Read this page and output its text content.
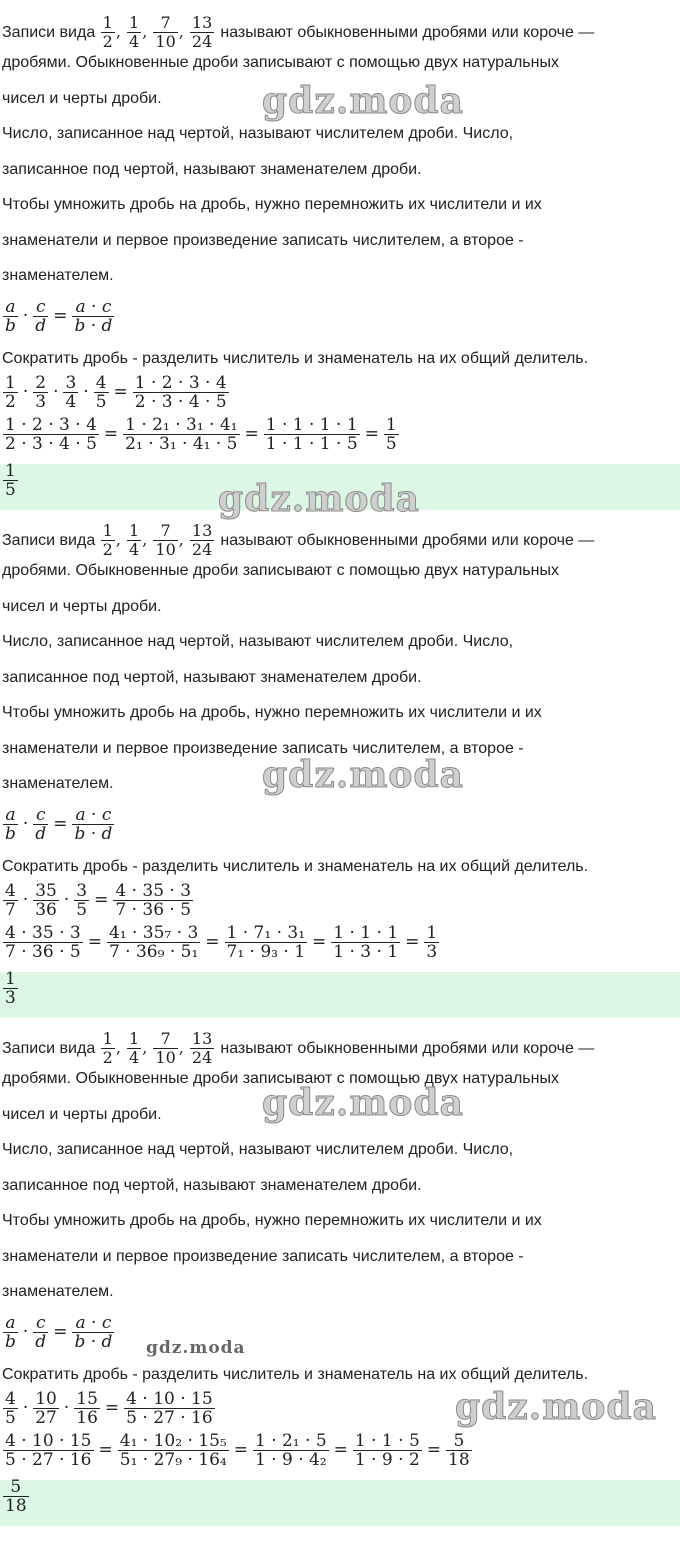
Записи вида $\frac{1}{2}$ , $\frac{1}{4}$ , $\frac{7}{10}$ , $\frac{13}{24}$ называют обыкновенными дробями или короче —
дробями. Обыкновенные дроби записывают с помощью двух натуральных
чисел и черты дроби.
Число, записанное над чертой, называют числителем дроби. Число,
записанное под чертой, называют знаменателем дроби.
Чтобы умножить дробь на дробь, нужно перемножить их числители и их
знаменатели и первое произведение записать числителем, а второе -
знаменателем.
$\frac{a}{b} \cdot \frac{c}{d} = \frac{a \cdot c}{b \cdot d}$
Сократить дробь - разделить числитель и знаменатель на их общий делитель.
$\frac{1}{2} \cdot \frac{2}{3} \cdot \frac{3}{4} \cdot \frac{4}{5} = \frac{1 \cdot 2 \cdot 3 \cdot 4}{2 \cdot 3 \cdot 4 \cdot 5}$
$\frac{1 \cdot 2 \cdot 3 \cdot 4}{2 \cdot 3 \cdot 4 \cdot 5} = \frac{\text{1 · 2₁ · 3₁ · 4₁}}{\text{2₁ · 3₁ · 4₁ · 5}} = \frac{1 \cdot 1 \cdot 1 \cdot 1}{1 \cdot 1 \cdot 1 \cdot 5} = \frac{1}{5}$
$\frac{1}{5}$
gdz.moda
gdz.moda
Записи вида $\frac{1}{2}$ , $\frac{1}{4}$ , $\frac{7}{10}$ , $\frac{13}{24}$ называют обыкновенными дробями или короче —
дробями. Обыкновенные дроби записывают с помощью двух натуральных
чисел и черты дроби.
Число, записанное над чертой, называют числителем дроби. Число,
записанное под чертой, называют знаменателем дроби.
Чтобы умножить дробь на дробь, нужно перемножить их числители и их
знаменатели и первое произведение записать числителем, а второе -
знаменателем.
$\frac{a}{b} \cdot \frac{c}{d} = \frac{a \cdot c}{b \cdot d}$
Сократить дробь - разделить числитель и знаменатель на их общий делитель.
$\frac{4}{7} \cdot \frac{35}{36} \cdot \frac{3}{5} = \frac{4 \cdot 35 \cdot 3}{7 \cdot 36 \cdot 5}$
$\frac{4 \cdot 35 \cdot 3}{7 \cdot 36 \cdot 5} = \frac{\text{4₁ · 35₇ · 3}}{\text{7 · 36₉ · 5₁}} = \frac{\text{1 · 7₁ · 3₁}}{\text{7₁ · 9₃ · 1}} = \frac{1 \cdot 1 \cdot 1}{1 \cdot 3 \cdot 1} = \frac{1}{3}$
$\frac{1}{3}$
gdz.moda
Записи вида $\frac{1}{2}$ , $\frac{1}{4}$ , $\frac{7}{10}$ , $\frac{13}{24}$ называют обыкновенными дробями или короче —
дробями. Обыкновенные дроби записывают с помощью двух натуральных
чисел и черты дроби.
Число, записанное над чертой, называют числителем дроби. Число,
записанное под чертой, называют знаменателем дроби.
Чтобы умножить дробь на дробь, нужно перемножить их числители и их
знаменатели и первое произведение записать числителем, а второе -
знаменателем.
$\frac{a}{b} \cdot \frac{c}{d} = \frac{a \cdot c}{b \cdot d}$
Сократить дробь - разделить числитель и знаменатель на их общий делитель.
$\frac{4}{5} \cdot \frac{10}{27} \cdot \frac{15}{16} = \frac{4 \cdot 10 \cdot 15}{5 \cdot 27 \cdot 16}$
$\frac{4 \cdot 10 \cdot 15}{5 \cdot 27 \cdot 16} = \frac{\text{4₁ · 10₂ · 15₅}}{\text{5₁ · 27₉ · 16₄}} = \frac{\text{1 · 2₁ · 5}}{\text{1 · 9 · 4₂}} = \frac{1 \cdot 1 \cdot 5}{1 \cdot 9 \cdot 2} = \frac{5}{18}$
$\frac{5}{18}$
gdz.moda
gdz.moda
gdz.moda
